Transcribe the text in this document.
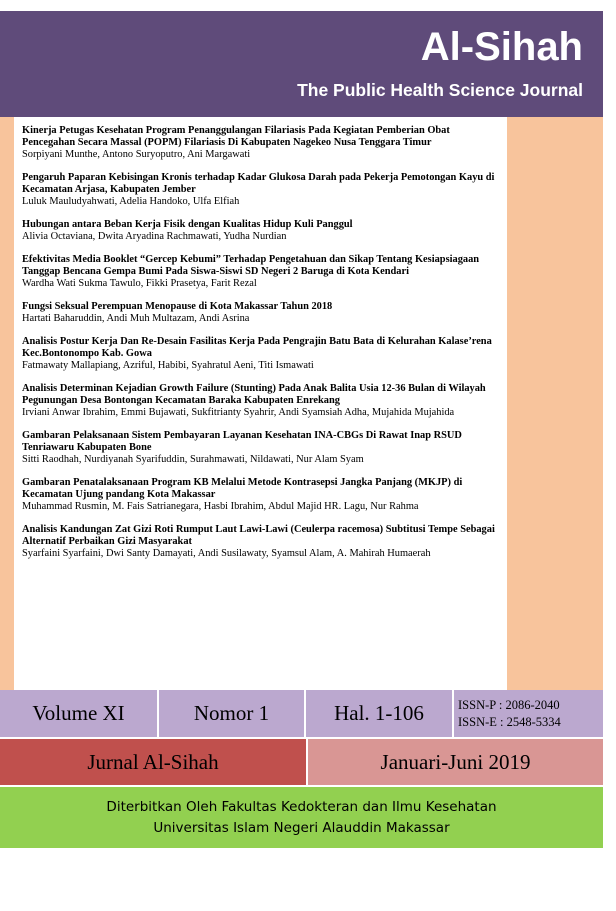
Al-Sihah
The Public Health Science Journal
Kinerja Petugas Kesehatan Program Penanggulangan Filariasis Pada Kegiatan Pemberian Obat Pencegahan Secara Massal (POPM) Filariasis Di Kabupaten Nagekeo Nusa Tenggara Timur
Sorpiyani Munthe, Antono Suryoputro, Ani Margawati
Pengaruh Paparan Kebisingan Kronis terhadap Kadar Glukosa Darah pada Pekerja Pemotongan Kayu di Kecamatan Arjasa, Kabupaten Jember
Luluk Mauludyahwati, Adelia Handoko, Ulfa Elfiah
Hubungan antara Beban Kerja Fisik dengan Kualitas Hidup Kuli Panggul
Alivia Octaviana, Dwita Aryadina Rachmawati, Yudha Nurdian
Efektivitas Media Booklet “Gercep Kebumi” Terhadap Pengetahuan dan Sikap Tentang Kesiapsiagaan Tanggap Bencana Gempa Bumi Pada Siswa-Siswi SD Negeri 2 Baruga di Kota Kendari
Wardha Wati Sukma Tawulo, Fikki Prasetya, Farit Rezal
Fungsi Seksual Perempuan Menopause di Kota Makassar Tahun 2018
Hartati Baharuddin, Andi Muh Multazam, Andi Asrina
Analisis Postur Kerja Dan Re-Desain Fasilitas Kerja Pada Pengrajin Batu Bata di Kelurahan Kalase’rena Kec.Bontonompo Kab. Gowa
Fatmawaty Mallapiang, Azriful, Habibi, Syahratul Aeni, Titi Ismawati
Analisis Determinan Kejadian Growth Failure (Stunting) Pada Anak Balita Usia 12-36 Bulan di Wilayah Pegunungan Desa Bontongan Kecamatan Baraka Kabupaten Enrekang
Irviani Anwar Ibrahim, Emmi Bujawati, Sukfitrianty Syahrir, Andi Syamsiah Adha, Mujahida Mujahida
Gambaran Pelaksanaan Sistem Pembayaran Layanan Kesehatan INA-CBGs Di Rawat Inap RSUD Tenriawaru Kabupaten Bone
Sitti Raodhah, Nurdiyanah Syarifuddin, Surahmawati, Nildawati, Nur Alam Syam
Gambaran Penatalaksanaan Program KB Melalui Metode Kontrasepsi Jangka Panjang (MKJP) di Kecamatan Ujung pandang Kota Makassar
Muhammad Rusmin, M. Fais Satrianegara, Hasbi Ibrahim, Abdul Majid HR. Lagu, Nur Rahma
Analisis Kandungan Zat Gizi Roti Rumput Laut Lawi-Lawi (Ceulerpa racemosa) Subtitusi Tempe Sebagai Alternatif Perbaikan Gizi Masyarakat
Syarfaini Syarfaini, Dwi Santy Damayati, Andi Susilawaty, Syamsul Alam, A. Mahirah Humaerah
Volume XI	Nomor 1	Hal. 1-106	ISSN-P : 2086-2040
ISSN-E : 2548-5334
Jurnal Al-Sihah	Januari-Juni 2019
Diterbitkan Oleh Fakultas Kedokteran dan Ilmu Kesehatan
Universitas Islam Negeri Alauddin Makassar
